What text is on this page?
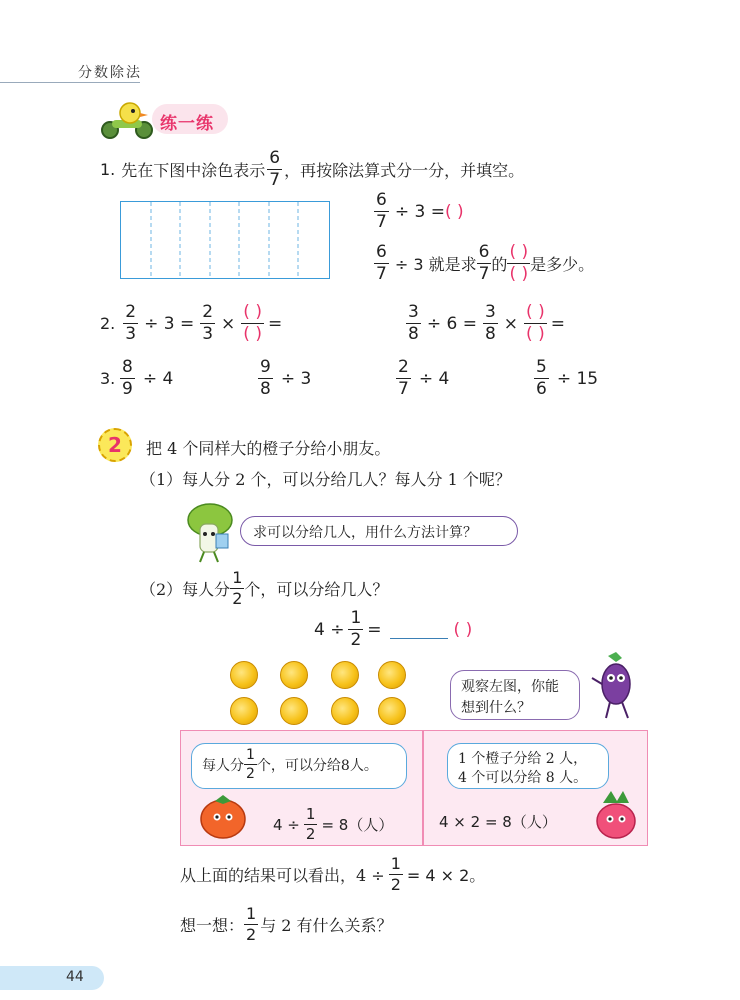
分数除法
练一练
1. 先在下图中涂色表示 $\frac{6}{7}$ ，再按除法算式分一分，并填空。
$\frac{6}{7} \div 3$ = ( )
$\frac{6}{7} \div 3$ 就是求 $\frac{6}{7}$ 的 $\frac{( )}{( )}$ 是多少。
2. $\frac{2}{3} \div 3 = \frac{2}{3} \times \frac{( )}{( )}$ =	$\frac{3}{8} \div 6 = \frac{3}{8} \times \frac{( )}{( )}$ =
3. $\frac{8}{9} \div 4$	$\frac{9}{8} \div 3$	$\frac{2}{7} \div 4$	$\frac{5}{6} \div 15$
2	把 4 个同样大的橙子分给小朋友。
（1）每人分 2 个，可以分给几人？每人分 1 个呢？
求可以分给几人，用什么方法计算？
（2）每人分 $\frac{1}{2}$ 个，可以分给几人？
$4 \div \frac{1}{2}$ =	( )
观察左图，你能
想到什么？
每人分 $\frac{1}{2}$ 个，可以分给8人。
$4 \div \frac{1}{2} = 8$（人）
1 个橙子分给 2 人，
4 个可以分给 8 人。
4 × 2 = 8（人）
从上面的结果可以看出，$4 \div \frac{1}{2} = 4 \times 2$。
想一想： $\frac{1}{2}$ 与 2 有什么关系？
44
